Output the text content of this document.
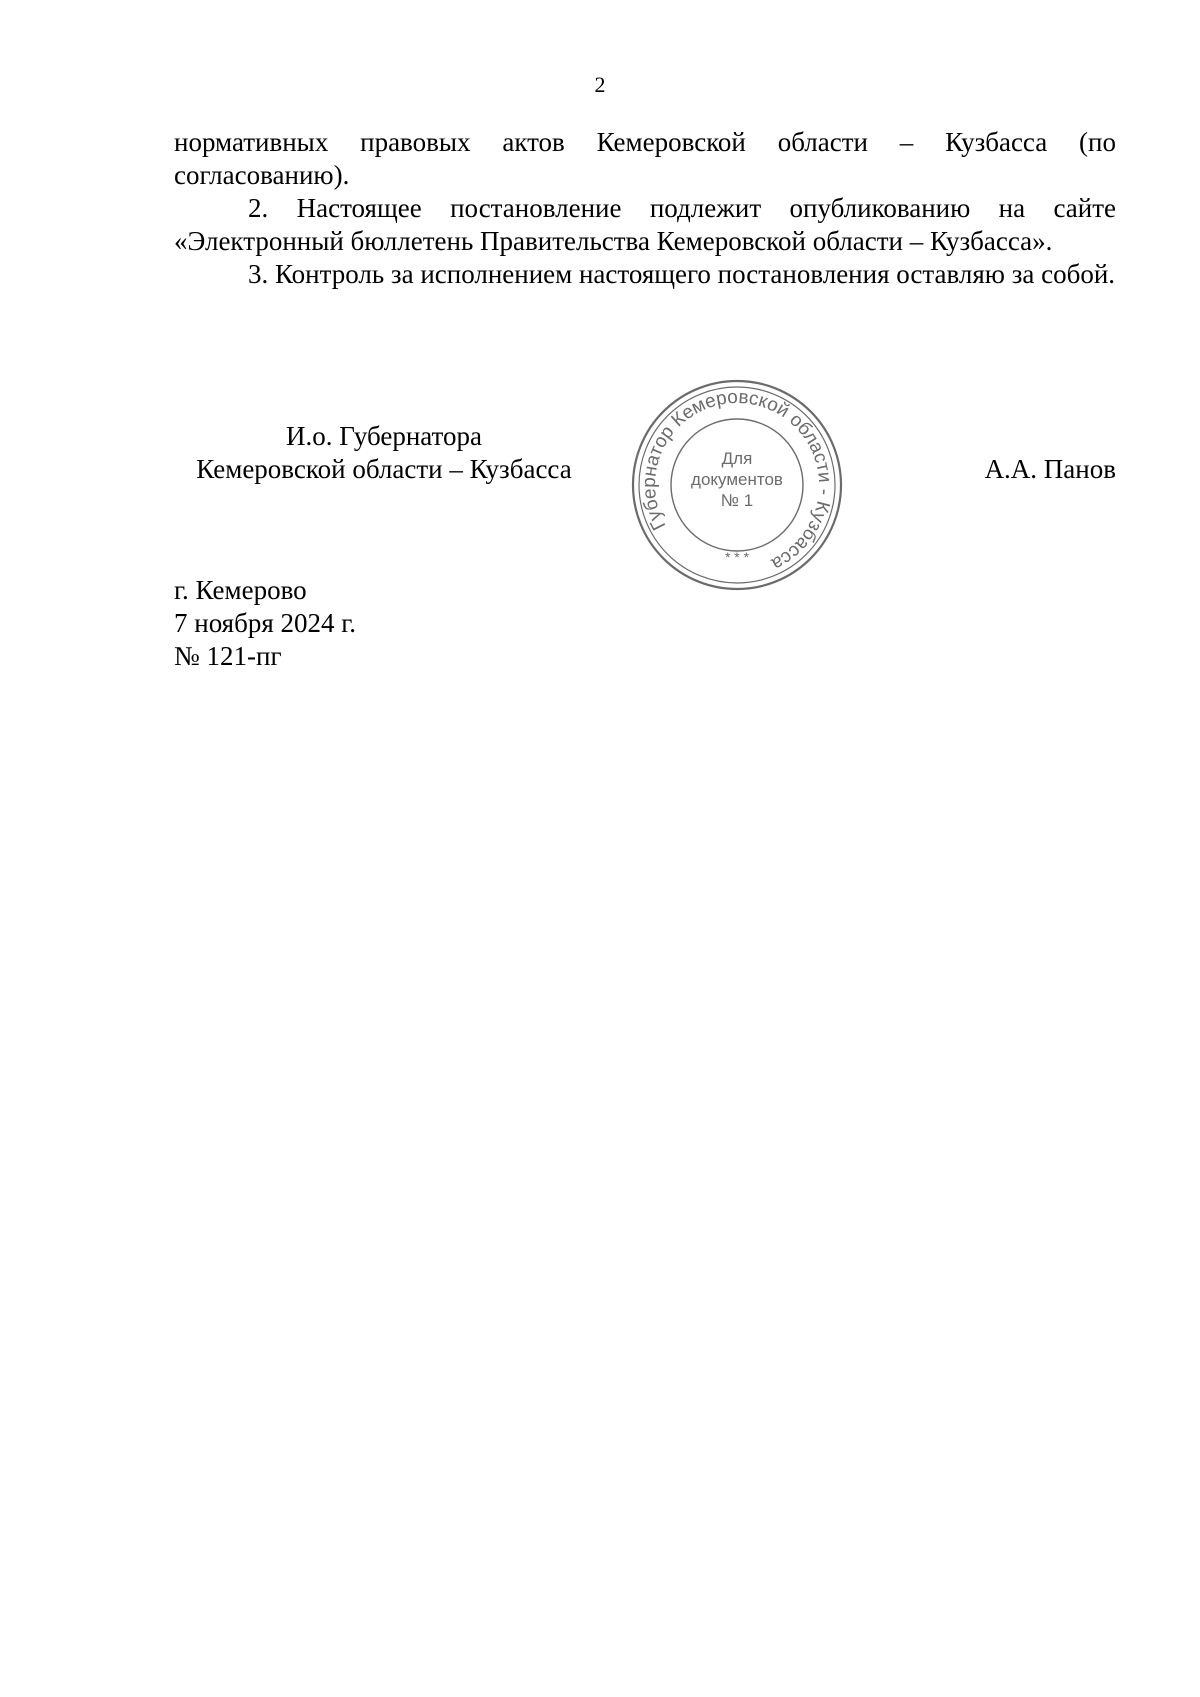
2

нормативных правовых актов Кемеровской области – Кузбасса (по согласованию).

2. Настоящее постановление подлежит опубликованию на сайте «Электронный бюллетень Правительства Кемеровской области – Кузбасса».

3. Контроль за исполнением настоящего постановления оставляю за собой.

И.о. Губернатора
Кемеровской области – Кузбасса	А.А. Панов
Губернатор Кемеровской области - Кузбасса
* * *
Для
документов
№ 1
г. Кемерово
7 ноября 2024 г.
№ 121-пг
